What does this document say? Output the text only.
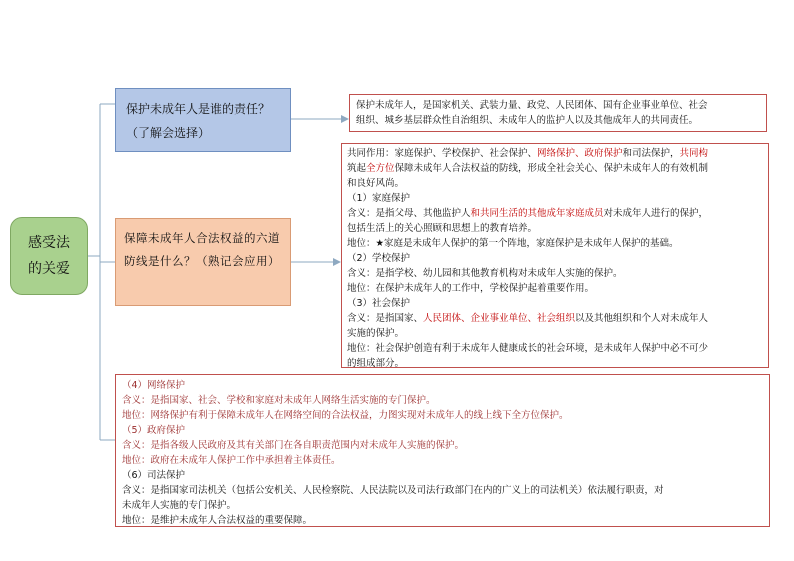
感受法
的关爱
保护未成年人是谁的责任？
（了解会选择）
保障未成年人合法权益的六道防线是什么？（熟记会应用）
保护未成年人，是国家机关、武装力量、政党、人民团体、国有企业事业单位、社会
组织、城乡基层群众性自治组织、未成年人的监护人以及其他成年人的共同责任。
共同作用：家庭保护、学校保护、社会保护、网络保护、政府保护和司法保护，共同构
筑起全方位保障未成年人合法权益的防线，形成全社会关心、保护未成年人的有效机制
和良好风尚。
（1）家庭保护
含义：是指父母、其他监护人和共同生活的其他成年家庭成员对未成年人进行的保护，
包括生活上的关心照顾和思想上的教育培养。
地位：★家庭是未成年人保护的第一个阵地，家庭保护是未成年人保护的基础。
（2）学校保护
含义：是指学校、幼儿园和其他教育机构对未成年人实施的保护。
地位：在保护未成年人的工作中，学校保护起着重要作用。
（3）社会保护
含义：是指国家、人民团体、企业事业单位、社会组织以及其他组织和个人对未成年人
实施的保护。
地位：社会保护创造有利于未成年人健康成长的社会环境，是未成年人保护中必不可少
的组成部分。
（4）网络保护
含义：是指国家、社会、学校和家庭对未成年人网络生活实施的专门保护。
地位：网络保护有利于保障未成年人在网络空间的合法权益，力图实现对未成年人的线上线下全方位保护。
（5）政府保护
含义：是指各级人民政府及其有关部门在各自职责范围内对未成年人实施的保护。
地位：政府在未成年人保护工作中承担着主体责任。
（6）司法保护
含义：是指国家司法机关（包括公安机关、人民检察院、人民法院以及司法行政部门在内的广义上的司法机关）依法履行职责，对
未成年人实施的专门保护。
地位：是维护未成年人合法权益的重要保障。
